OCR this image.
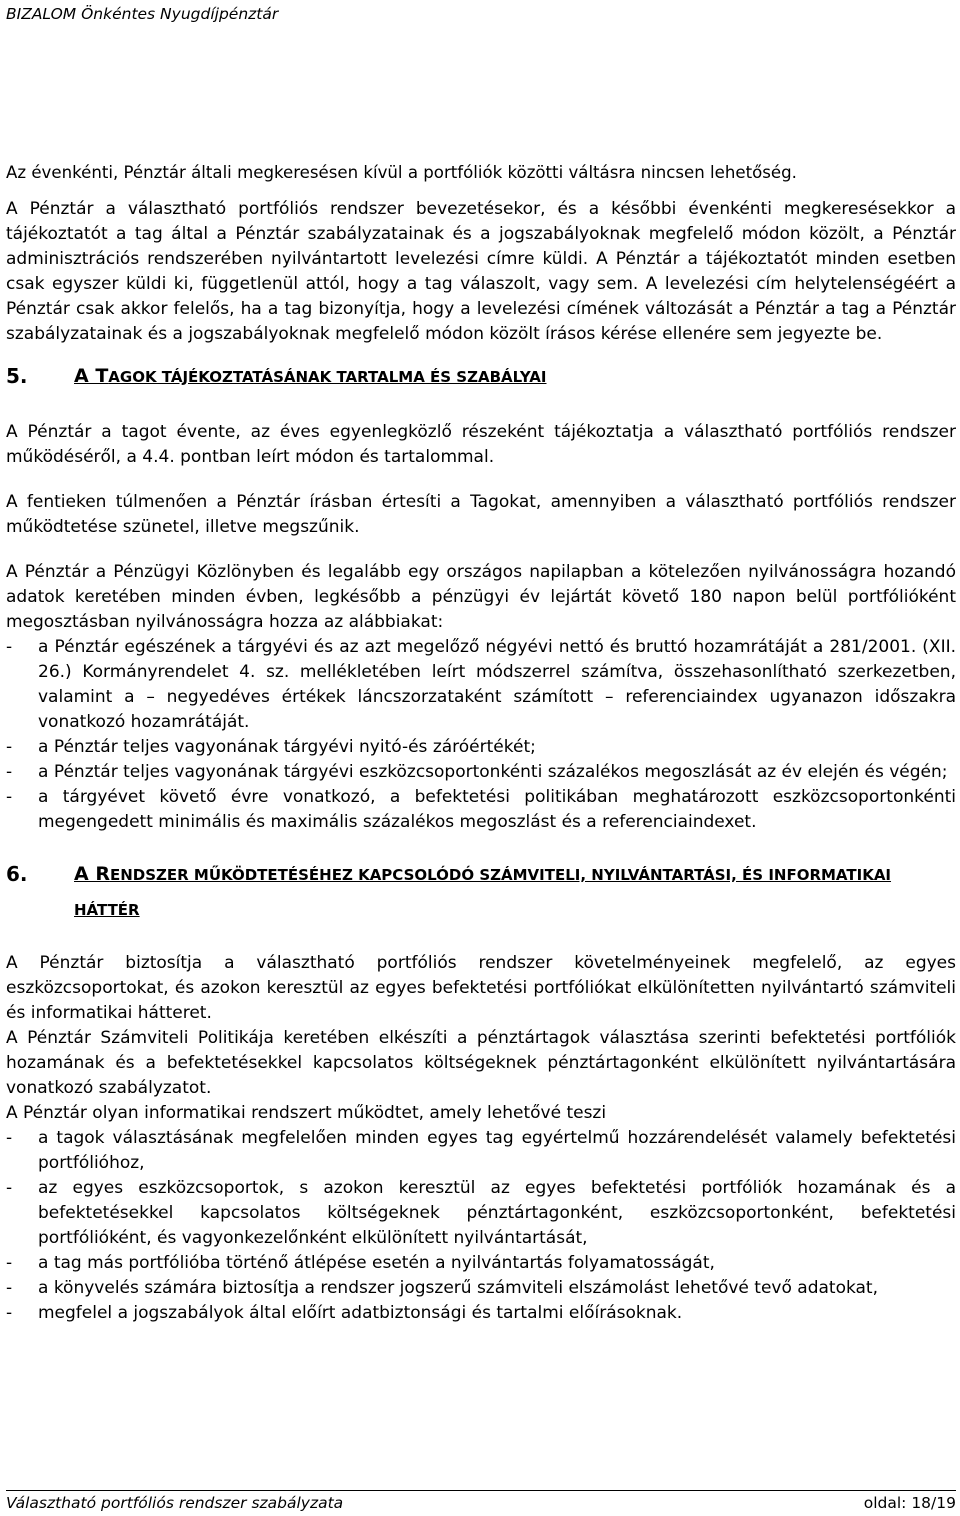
BIZALOM Önkéntes Nyugdíjpénztár

Az évenkénti, Pénztár általi megkeresésen kívül a portfóliók közötti váltásra nincsen lehetőség.

A Pénztár a választható portfóliós rendszer bevezetésekor, és a későbbi évenkénti megkeresésekkor a tájékoztatót a tag által a Pénztár szabályzatainak és a jogszabályoknak megfelelő módon közölt, a Pénztár adminisztrációs rendszerében nyilvántartott levelezési címre küldi. A Pénztár a tájékoztatót minden esetben csak egyszer küldi ki, függetlenül attól, hogy a tag válaszolt, vagy sem. A levelezési cím helytelenségéért a Pénztár csak akkor felelős, ha a tag bizonyítja, hogy a levelezési címének változását a Pénztár a tag a Pénztár szabályzatainak és a jogszabályoknak megfelelő módon közölt írásos kérése ellenére sem jegyezte be.

5.	A TAGOK TÁJÉKOZTATÁSÁNAK TARTALMA ÉS SZABÁLYAI

A Pénztár a tagot évente, az éves egyenlegközlő részeként tájékoztatja a választható portfóliós rendszer működéséről, a 4.4. pontban leírt módon és tartalommal.

A fentieken túlmenően a Pénztár írásban értesíti a Tagokat, amennyiben a választható portfóliós rendszer működtetése szünetel, illetve megszűnik.

A Pénztár a Pénzügyi Közlönyben és legalább egy országos napilapban a kötelezően nyilvánosságra hozandó adatok keretében minden évben, legkésőbb a pénzügyi év lejártát követő 180 napon belül portfólióként megosztásban nyilvánosságra hozza az alábbiakat:

-	a Pénztár egészének a tárgyévi és az azt megelőző négyévi nettó és bruttó hozamrátáját a 281/2001. (XII. 26.) Kormányrendelet 4. sz. mellékletében leírt módszerrel számítva, összehasonlítható szerkezetben, valamint a – negyedéves értékek láncszorzataként számított – referenciaindex ugyanazon időszakra vonatkozó hozamrátáját.
-	a Pénztár teljes vagyonának tárgyévi nyitó-és záróértékét;
-	a Pénztár teljes vagyonának tárgyévi eszközcsoportonkénti százalékos megoszlását az év elején és végén;
-	a tárgyévet követő évre vonatkozó, a befektetési politikában meghatározott eszközcsoportonkénti megengedett minimális és maximális százalékos megoszlást és a referenciaindexet.
6.	A RENDSZER MŰKÖDTETÉSÉHEZ KAPCSOLÓDÓ SZÁMVITELI, NYILVÁNTARTÁSI, ÉS INFORMATIKAI HÁTTÉR

A Pénztár biztosítja a választható portfóliós rendszer követelményeinek megfelelő, az egyes eszközcsoportokat, és azokon keresztül az egyes befektetési portfóliókat elkülönítetten nyilvántartó számviteli és informatikai hátteret.

A Pénztár Számviteli Politikája keretében elkészíti a pénztártagok választása szerinti befektetési portfóliók hozamának és a befektetésekkel kapcsolatos költségeknek pénztártagonként elkülönített nyilvántartására vonatkozó szabályzatot.

A Pénztár olyan informatikai rendszert működtet, amely lehetővé teszi

-	a tagok választásának megfelelően minden egyes tag egyértelmű hozzárendelését valamely befektetési portfólióhoz,
-	az egyes eszközcsoportok, s azokon keresztül az egyes befektetési portfóliók hozamának és a befektetésekkel kapcsolatos költségeknek pénztártagonként, eszközcsoportonként, befektetési portfólióként, és vagyonkezelőnként elkülönített nyilvántartását,
-	a tag más portfólióba történő átlépése esetén a nyilvántartás folyamatosságát,
-	a könyvelés számára biztosítja a rendszer jogszerű számviteli elszámolást lehetővé tevő adatokat,
-	megfelel a jogszabályok által előírt adatbiztonsági és tartalmi előírásoknak.
Választható portfóliós rendszer szabályzata	oldal: 18/19
